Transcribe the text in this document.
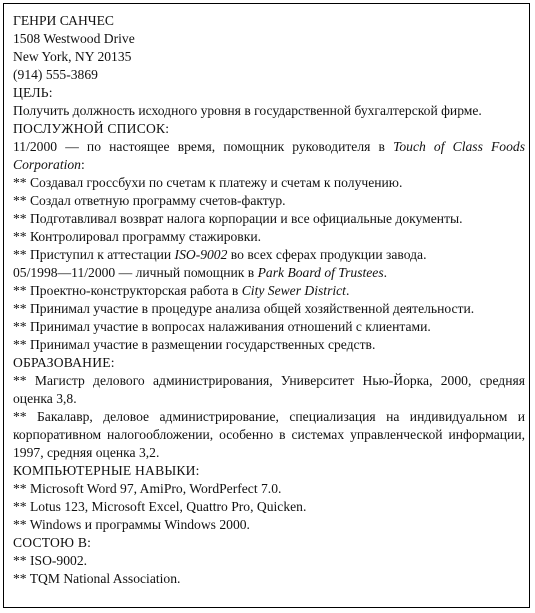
ГЕНРИ САНЧЕС
1508 Westwood Drive
New York, NY 20135
(914) 555-3869
ЦЕЛЬ:
Получить должность исходного уровня в государственной бухгалтерской фирме.
ПОСЛУЖНОЙ СПИСОК:
11/2000 — по настоящее время, помощник руководителя в Touch of Class Foods Corporation:
** Создавал гроссбухи по счетам к платежу и счетам к получению.
** Создал ответную программу счетов-фактур.
** Подготавливал возврат налога корпорации и все официальные документы.
** Контролировал программу стажировки.
** Приступил к аттестации ISO-9002 во всех сферах продукции завода.
05/1998—11/2000 — личный помощник в Park Board of Trustees.
** Проектно-конструкторская работа в City Sewer District.
** Принимал участие в процедуре анализа общей хозяйственной деятельности.
** Принимал участие в вопросах налаживания отношений с клиентами.
** Принимал участие в размещении государственных средств.
ОБРАЗОВАНИЕ:
** Магистр делового администрирования, Университет Нью-Йорка, 2000, средняя оценка 3,8.
** Бакалавр, деловое администрирование, специализация на индивидуальном и корпоративном налогообложении, особенно в системах управленческой информации, 1997, средняя оценка 3,2.
КОМПЬЮТЕРНЫЕ НАВЫКИ:
** Microsoft Word 97, AmiPro, WordPerfect 7.0.
** Lotus 123, Microsoft Excel, Quattro Pro, Quicken.
** Windows и программы Windows 2000.
СОСТОЮ В:
** ISO-9002.
** TQM National Association.
